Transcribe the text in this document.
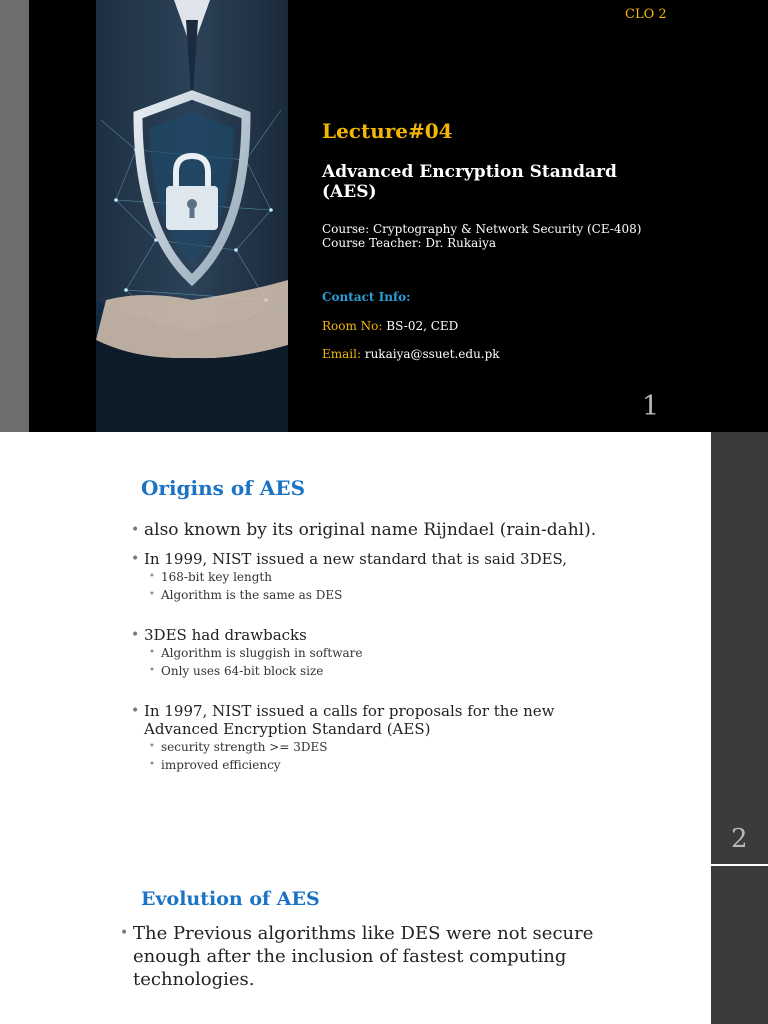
CLO 2
Lecture#04
Advanced Encryption Standard (AES)
Course: Cryptography & Network Security (CE-408)
Course Teacher: Dr. Rukaiya
Contact Info:
Room No: BS-02, CED
Email: rukaiya@ssuet.edu.pk
1
2
Origins of AES
• also known by its original name Rijndael (rain-dahl).
• In 1999, NIST issued a new standard that is said 3DES,
• 168-bit key length
• Algorithm is the same as DES
• 3DES had drawbacks
• Algorithm is sluggish in software
• Only uses 64-bit block size
• In 1997, NIST issued a calls for proposals for the new Advanced Encryption Standard (AES)
• security strength >= 3DES
• improved efficiency
Evolution of AES
• The Previous algorithms like DES were not secure enough after the inclusion of fastest computing technologies.
